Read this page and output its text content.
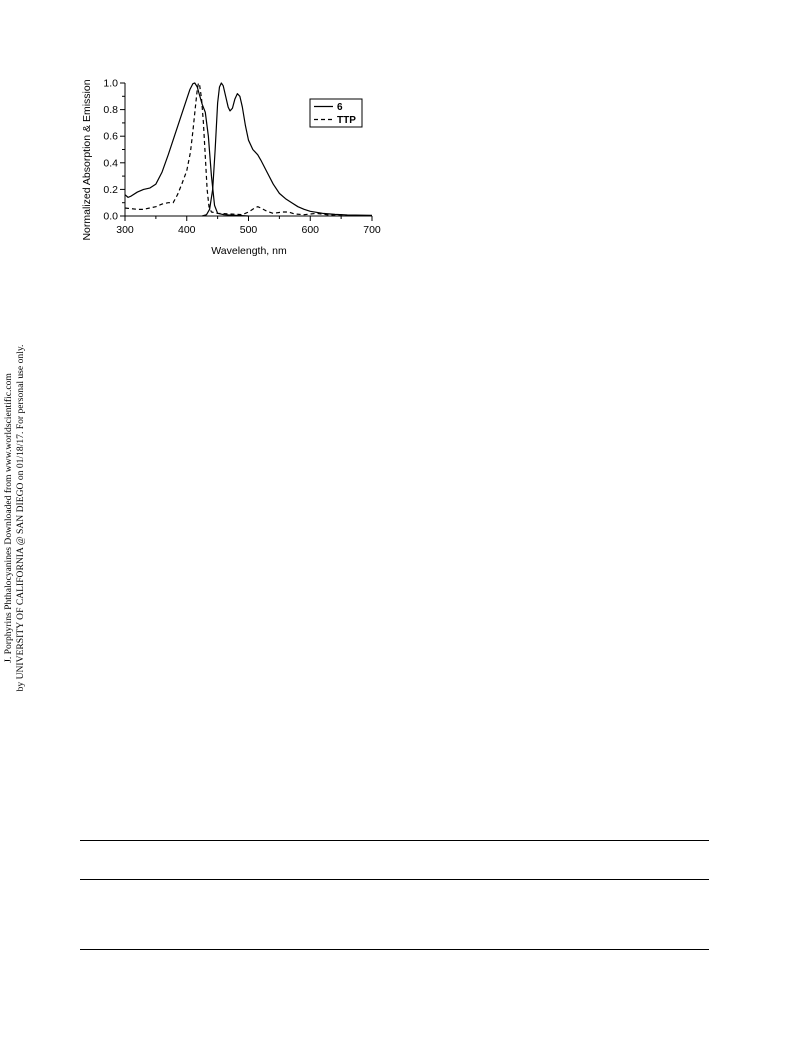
Normalized Absorption & Emission
Wavelength, nm
300	400	500	600	700
0.0
0.2
0.4
0.6
0.8
1.0
6
TTP
J. Porphyrins Phthalocyanines Downloaded from www.worldscientific.com by UNIVERSITY OF CALIFORNIA @ SAN DIEGO on 01/18/17. For personal use only.
